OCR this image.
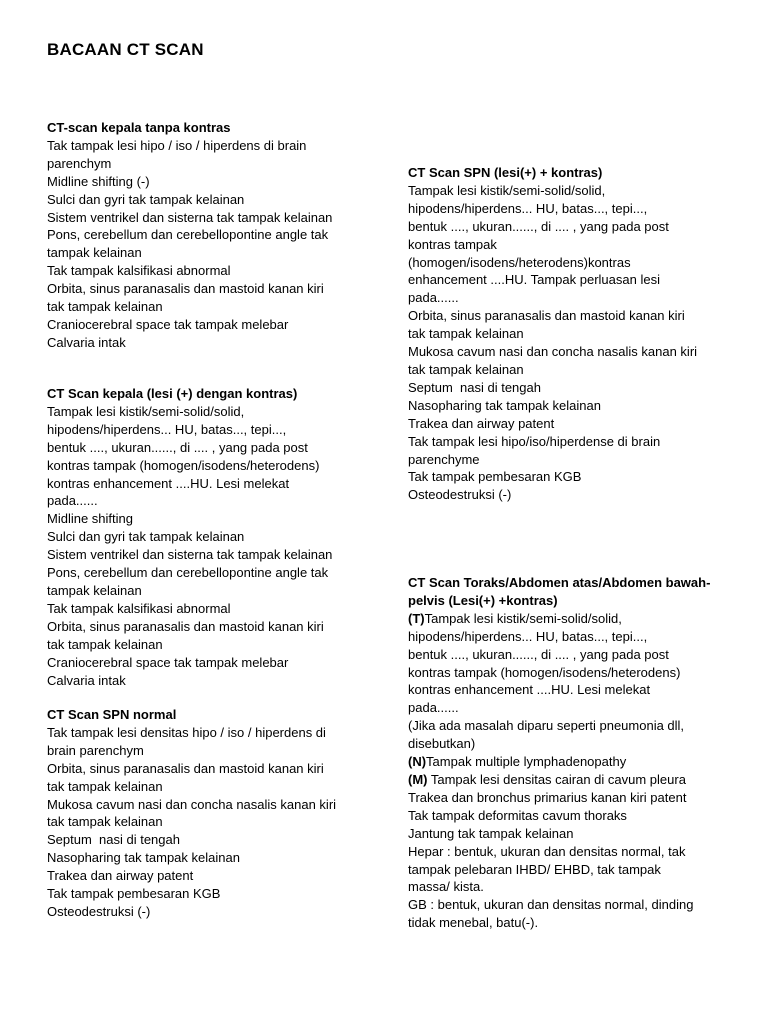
BACAAN CT SCAN
CT-scan kepala tanpa kontras
Tak tampak lesi hipo / iso / hiperdens di brain
parenchym
Midline shifting (-)
Sulci dan gyri tak tampak kelainan
Sistem ventrikel dan sisterna tak tampak kelainan
Pons, cerebellum dan cerebellopontine angle tak
tampak kelainan
Tak tampak kalsifikasi abnormal
Orbita, sinus paranasalis dan mastoid kanan kiri
tak tampak kelainan
Craniocerebral space tak tampak melebar
Calvaria intak
CT Scan kepala (lesi (+) dengan kontras)
Tampak lesi kistik/semi-solid/solid,
hipodens/hiperdens... HU, batas..., tepi...,
bentuk ...., ukuran......, di .... , yang pada post
kontras tampak (homogen/isodens/heterodens)
kontras enhancement ....HU. Lesi melekat
pada......
Midline shifting
Sulci dan gyri tak tampak kelainan
Sistem ventrikel dan sisterna tak tampak kelainan
Pons, cerebellum dan cerebellopontine angle tak
tampak kelainan
Tak tampak kalsifikasi abnormal
Orbita, sinus paranasalis dan mastoid kanan kiri
tak tampak kelainan
Craniocerebral space tak tampak melebar
Calvaria intak
CT Scan SPN normal
Tak tampak lesi densitas hipo / iso / hiperdens di
brain parenchym
Orbita, sinus paranasalis dan mastoid kanan kiri
tak tampak kelainan
Mukosa cavum nasi dan concha nasalis kanan kiri
tak tampak kelainan
Septum  nasi di tengah
Nasopharing tak tampak kelainan
Trakea dan airway patent
Tak tampak pembesaran KGB
Osteodestruksi (-)
CT Scan SPN (lesi(+) + kontras)
Tampak lesi kistik/semi-solid/solid,
hipodens/hiperdens... HU, batas..., tepi...,
bentuk ...., ukuran......, di .... , yang pada post
kontras tampak
(homogen/isodens/heterodens)kontras
enhancement ....HU. Tampak perluasan lesi
pada......
Orbita, sinus paranasalis dan mastoid kanan kiri
tak tampak kelainan
Mukosa cavum nasi dan concha nasalis kanan kiri
tak tampak kelainan
Septum  nasi di tengah
Nasopharing tak tampak kelainan
Trakea dan airway patent
Tak tampak lesi hipo/iso/hiperdense di brain
parenchyme
Tak tampak pembesaran KGB
Osteodestruksi (-)
CT Scan Toraks/Abdomen atas/Abdomen bawah-
pelvis (Lesi(+) +kontras)
(T)Tampak lesi kistik/semi-solid/solid,
hipodens/hiperdens... HU, batas..., tepi...,
bentuk ...., ukuran......, di .... , yang pada post
kontras tampak (homogen/isodens/heterodens)
kontras enhancement ....HU. Lesi melekat
pada......
(Jika ada masalah diparu seperti pneumonia dll,
disebutkan)
(N)Tampak multiple lymphadenopathy
(M) Tampak lesi densitas cairan di cavum pleura
Trakea dan bronchus primarius kanan kiri patent
Tak tampak deformitas cavum thoraks
Jantung tak tampak kelainan
Hepar : bentuk, ukuran dan densitas normal, tak
tampak pelebaran IHBD/ EHBD, tak tampak
massa/ kista.
GB : bentuk, ukuran dan densitas normal, dinding
tidak menebal, batu(-).
